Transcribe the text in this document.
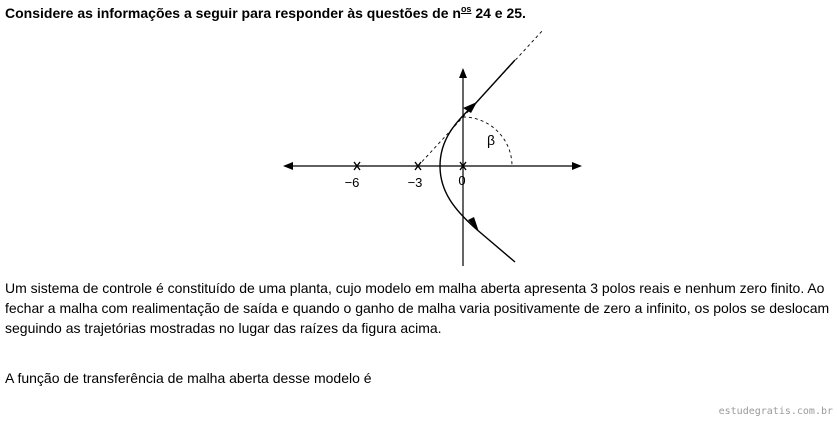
Considere as informações a seguir para responder às questões de $n^{os}$ 24 e 25.
−6	−3	0
β

Um sistema de controle é constituído de uma planta, cujo modelo em malha aberta apresenta 3 polos reais e nenhum zero finito. Ao fechar a malha com realimentação de saída e quando o ganho de malha varia positivamente de zero a infinito, os polos se deslocam seguindo as trajetórias mostradas no lugar das raízes da figura acima.

A função de transferência de malha aberta desse modelo é

estudegratis.com.br
